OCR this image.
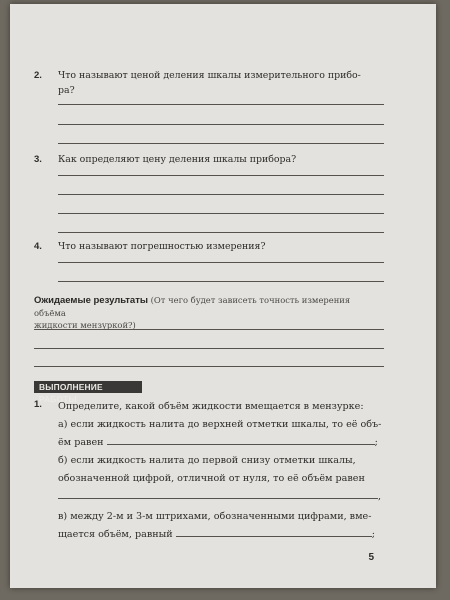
2. Что называют ценой деления шкалы измерительного прибо-
ра?
3. Как определяют цену деления шкалы прибора?
4. Что называют погрешностью измерения?
Ожидаемые результаты (От чего будет зависеть точность измерения объёма
жидкости мензуркой?)
ВЫПОЛНЕНИЕ РАБОТЫ
1. Определите, какой объём жидкости вмещается в мензурке:
а) если жидкость налита до верхней отметки шкалы, то её объ-
ём равен	;
б) если жидкость налита до первой снизу отметки шкалы,
обозначенной цифрой, отличной от нуля, то её объём равен
,
в) между 2-м и 3-м штрихами, обозначенными цифрами, вме-
щается объём, равный	;
5
